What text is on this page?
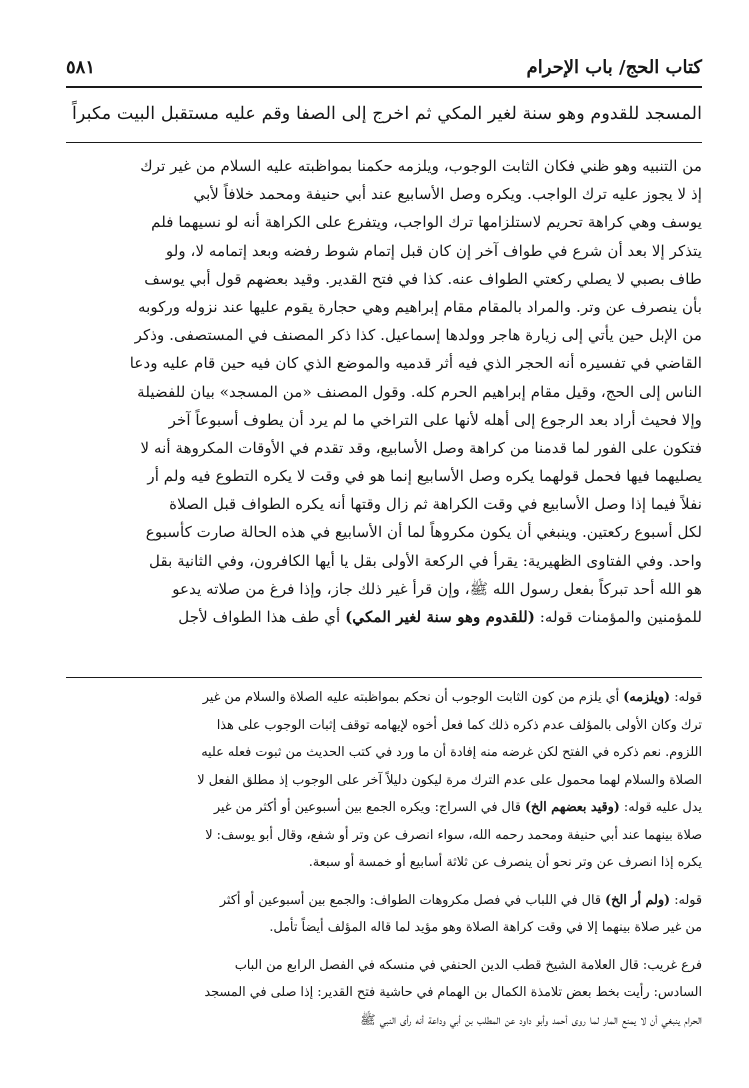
كتاب الحج/ باب الإحرام
٥٨١
المسجد للقدوم وهو سنة لغير المكي ثم اخرج إلى الصفا وقم عليه مستقبل البيت مكبراً
من التنبيه وهو ظني فكان الثابت الوجوب، ويلزمه حكمنا بمواظبته عليه السلام من غير ترك
إذ لا يجوز عليه ترك الواجب. ويكره وصل الأسابيع عند أبي حنيفة ومحمد خلافاً لأبي
يوسف وهي كراهة تحريم لاستلزامها ترك الواجب، ويتفرع على الكراهة أنه لو نسيهما فلم
يتذكر إلا بعد أن شرع في طواف آخر إن كان قبل إتمام شوط رفضه وبعد إتمامه لا، ولو
طاف بصبي لا يصلي ركعتي الطواف عنه. كذا في فتح القدير. وقيد بعضهم قول أبي يوسف
بأن ينصرف عن وتر. والمراد بالمقام مقام إبراهيم وهي حجارة يقوم عليها عند نزوله وركوبه
من الإبل حين يأتي إلى زيارة هاجر وولدها إسماعيل. كذا ذكر المصنف في المستصفى. وذكر
القاضي في تفسيره أنه الحجر الذي فيه أثر قدميه والموضع الذي كان فيه حين قام عليه ودعا
الناس إلى الحج، وقيل مقام إبراهيم الحرم كله. وقول المصنف «من المسجد» بيان للفضيلة
وإلا فحيث أراد بعد الرجوع إلى أهله لأنها على التراخي ما لم يرد أن يطوف أسبوعاً آخر
فتكون على الفور لما قدمنا من كراهة وصل الأسابيع، وقد تقدم في الأوقات المكروهة أنه لا
يصليهما فيها فحمل قولهما يكره وصل الأسابيع إنما هو في وقت لا يكره التطوع فيه ولم أر
نفلاً فيما إذا وصل الأسابيع في وقت الكراهة ثم زال وقتها أنه يكره الطواف قبل الصلاة
لكل أسبوع ركعتين. وينبغي أن يكون مكروهاً لما أن الأسابيع في هذه الحالة صارت كأسبوع
واحد. وفي الفتاوى الظهيرية: يقرأ في الركعة الأولى بقل يا أيها الكافرون، وفي الثانية بقل
هو الله أحد تبركاً بفعل رسول الله ﷺ، وإن قرأ غير ذلك جاز، وإذا فرغ من صلاته يدعو
للمؤمنين والمؤمنات قوله: (للقدوم وهو سنة لغير المكي) أي طف هذا الطواف لأجل
قوله: (ويلزمه) أي يلزم من كون الثابت الوجوب أن نحكم بمواظبته عليه الصلاة والسلام من غير
ترك وكان الأولى بالمؤلف عدم ذكره ذلك كما فعل أخوه لإيهامه توقف إثبات الوجوب على هذا
اللزوم. نعم ذكره في الفتح لكن غرضه منه إفادة أن ما ورد في كتب الحديث من ثبوت فعله عليه
الصلاة والسلام لهما محمول على عدم الترك مرة ليكون دليلاً آخر على الوجوب إذ مطلق الفعل لا
يدل عليه قوله: (وقيد بعضهم الخ) قال في السراج: ويكره الجمع بين أسبوعين أو أكثر من غير
صلاة بينهما عند أبي حنيفة ومحمد رحمه الله، سواء انصرف عن وتر أو شفع، وقال أبو يوسف: لا
يكره إذا انصرف عن وتر نحو أن ينصرف عن ثلاثة أسابيع أو خمسة أو سبعة.
قوله: (ولم أر الخ) قال في اللباب في فصل مكروهات الطواف: والجمع بين أسبوعين أو أكثر
من غير صلاة بينهما إلا في وقت كراهة الصلاة وهو مؤيد لما قاله المؤلف أيضاً تأمل.
فرع غريب: قال العلامة الشيخ قطب الدين الحنفي في منسكه في الفصل الرابع من الباب
السادس: رأيت بخط بعض تلامذة الكمال بن الهمام في حاشية فتح القدير: إذا صلى في المسجد
الحرام ينبغي أن لا يمنع المار لما روى أحمد وأبو داود عن المطلب بن أبي وداعة أنه رأى النبي ﷺ
